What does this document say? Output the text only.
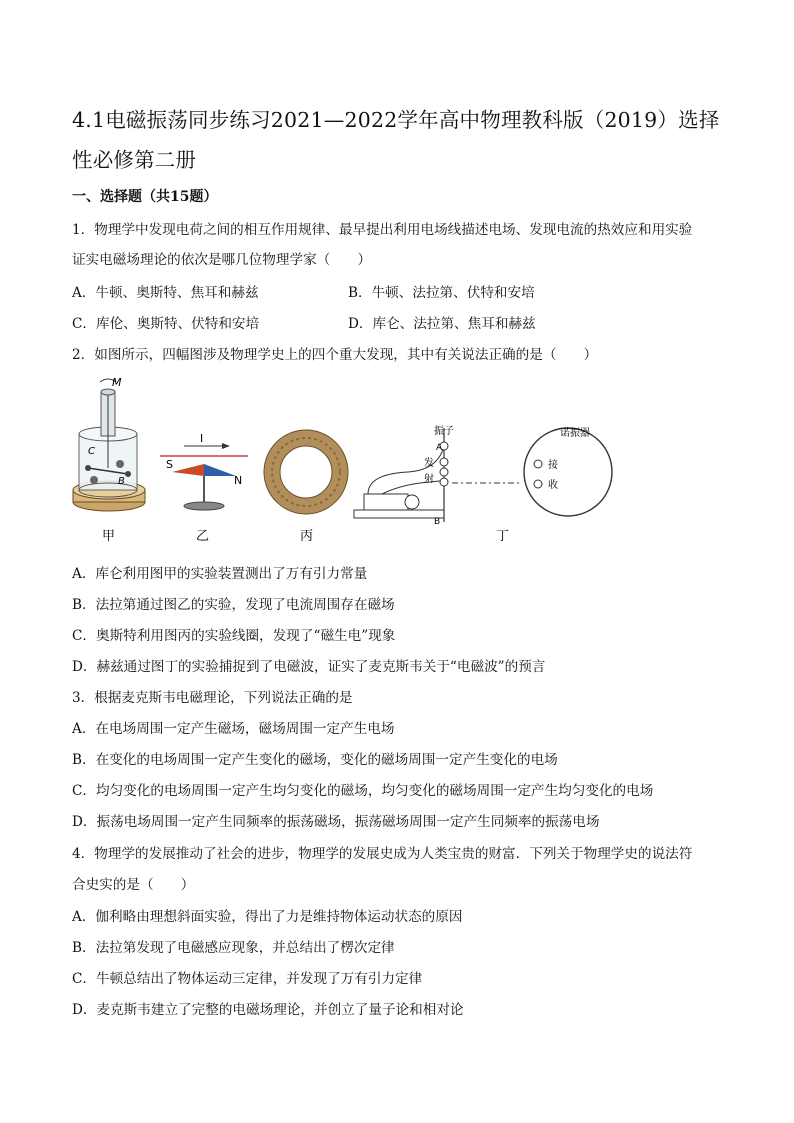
4.1电磁振荡同步练习2021—2022学年高中物理教科版（2019）选择性必修第二册
一、选择题（共15题）
1．物理学中发现电荷之间的相互作用规律、最早提出利用电场线描述电场、发现电流的热效应和用实验
证实电磁场理论的依次是哪几位物理学家（　　）
A．牛顿、奥斯特、焦耳和赫兹	B．牛顿、法拉第、伏特和安培
C．库伦、奥斯特、伏特和安培	D．库仑、法拉第、焦耳和赫兹
2．如图所示，四幅图涉及物理学史上的四个重大发现，其中有关说法正确的是（　　）
M
C
B
甲
I
S
N
乙	丙
振子
A
发
射
B
诺振器
接
收
丁
A．库仑利用图甲的实验装置测出了万有引力常量
B．法拉第通过图乙的实验，发现了电流周围存在磁场
C．奥斯特利用图丙的实验线圈，发现了“磁生电”现象
D．赫兹通过图丁的实验捕捉到了电磁波，证实了麦克斯韦关于“电磁波”的预言
3．根据麦克斯韦电磁理论，下列说法正确的是
A．在电场周围一定产生磁场，磁场周围一定产生电场
B．在变化的电场周围一定产生变化的磁场，变化的磁场周围一定产生变化的电场
C．均匀变化的电场周围一定产生均匀变化的磁场，均匀变化的磁场周围一定产生均匀变化的电场
D．振荡电场周围一定产生同频率的振荡磁场，振荡磁场周围一定产生同频率的振荡电场
4．物理学的发展推动了社会的进步，物理学的发展史成为人类宝贵的财富．下列关于物理学史的说法符
合史实的是（　　）
A．伽利略由理想斜面实验，得出了力是维持物体运动状态的原因
B．法拉第发现了电磁感应现象，并总结出了楞次定律
C．牛顿总结出了物体运动三定律，并发现了万有引力定律
D．麦克斯韦建立了完整的电磁场理论，并创立了量子论和相对论
